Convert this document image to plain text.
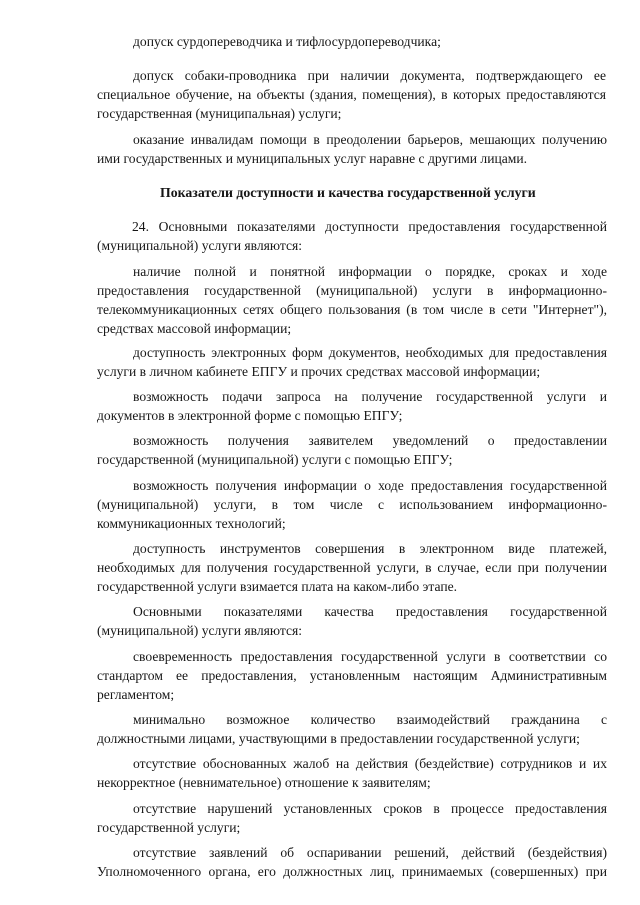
допуск сурдопереводчика и тифлосурдопереводчика;
допуск собаки-проводника при наличии документа, подтверждающего ее
специальное обучение, на объекты (здания, помещения), в которых предоставляются
государственная (муниципальная) услуги;
оказание инвалидам помощи в преодолении барьеров, мешающих получению
ими государственных и муниципальных услуг наравне с другими лицами.
Показатели доступности и качества государственной услуги
24. Основными показателями доступности предоставления государственной
(муниципальной) услуги являются:
наличие полной и понятной информации о порядке, сроках и ходе
предоставления государственной (муниципальной) услуги в информационно-
телекоммуникационных сетях общего пользования (в том числе в сети "Интернет"),
средствах массовой информации;
доступность электронных форм документов, необходимых для предоставления
услуги в личном кабинете ЕПГУ и прочих средствах массовой информации;
возможность подачи запроса на получение государственной услуги и
документов в электронной форме с помощью ЕПГУ;
возможность получения заявителем уведомлений о предоставлении
государственной (муниципальной) услуги с помощью ЕПГУ;
возможность получения информации о ходе предоставления государственной
(муниципальной) услуги, в том числе с использованием информационно-
коммуникационных технологий;
доступность инструментов совершения в электронном виде платежей,
необходимых для получения государственной услуги, в случае, если при получении
государственной услуги взимается плата на каком-либо этапе.
Основными показателями качества предоставления государственной
(муниципальной) услуги являются:
своевременность предоставления государственной услуги в соответствии со
стандартом ее предоставления, установленным настоящим Административным
регламентом;
минимально возможное количество взаимодействий гражданина с
должностными лицами, участвующими в предоставлении государственной услуги;
отсутствие обоснованных жалоб на действия (бездействие) сотрудников и их
некорректное (невнимательное) отношение к заявителям;
отсутствие нарушений установленных сроков в процессе предоставления
государственной услуги;
отсутствие заявлений об оспаривании решений, действий (бездействия)
Уполномоченного органа, его должностных лиц, принимаемых (совершенных) при
